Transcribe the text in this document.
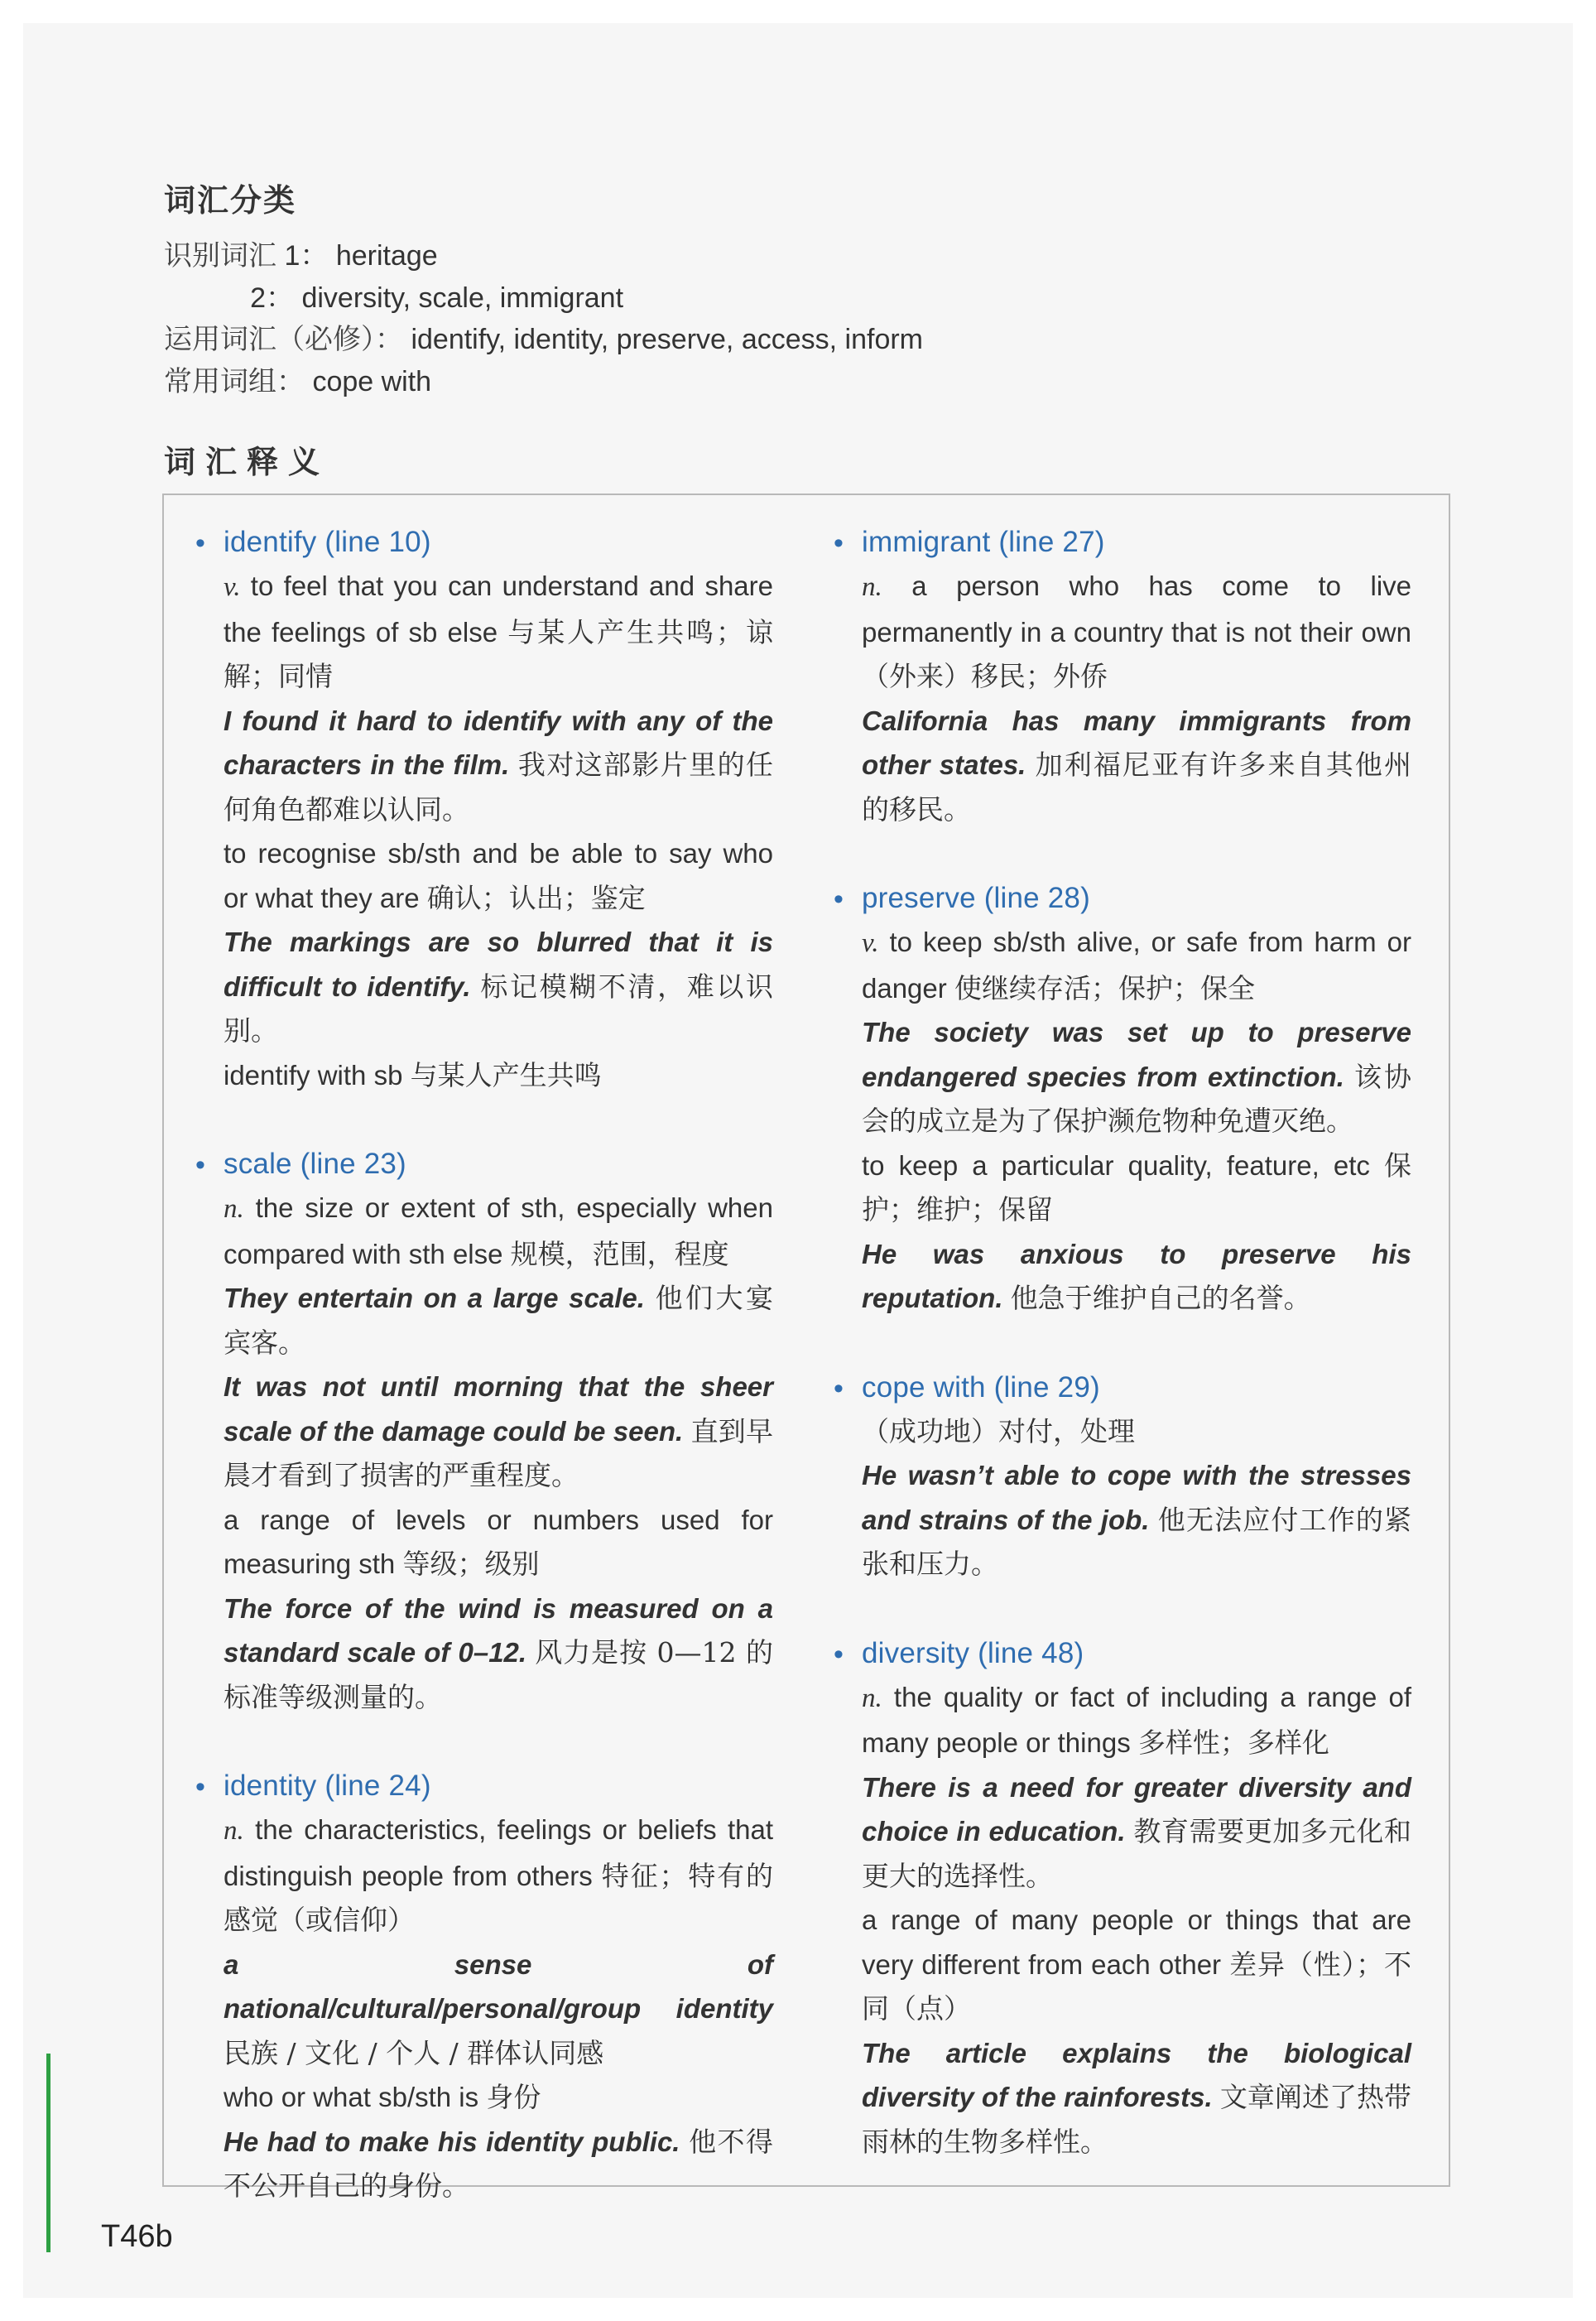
词汇分类
识别词汇 1： heritage
2： diversity, scale, immigrant
运用词汇（必修）： identify, identity, preserve, access, inform
常用词组： cope with
词汇释义
• identify (line 10)
v. to feel that you can understand and share the feelings of sb else 与某人产生共鸣；谅解；同情
I found it hard to identify with any of the characters in the film. 我对这部影片里的任何角色都难以认同。
to recognise sb/sth and be able to say who or what they are 确认；认出；鉴定
The markings are so blurred that it is difficult to identify. 标记模糊不清，难以识别。
identify with sb 与某人产生共鸣
• scale (line 23)
n. the size or extent of sth, especially when compared with sth else 规模，范围，程度
They entertain on a large scale. 他们大宴宾客。
It was not until morning that the sheer scale of the damage could be seen. 直到早晨才看到了损害的严重程度。
a range of levels or numbers used for measuring sth 等级；级别
The force of the wind is measured on a standard scale of 0–12. 风力是按 0—12 的标准等级测量的。
• identity (line 24)
n. the characteristics, feelings or beliefs that distinguish people from others 特征；特有的感觉（或信仰）
a sense of national/cultural/personal/group identity 民族 / 文化 / 个人 / 群体认同感
who or what sb/sth is 身份
He had to make his identity public. 他不得不公开自己的身份。
• immigrant (line 27)
n. a person who has come to live permanently in a country that is not their own （外来）移民；外侨
California has many immigrants from other states. 加利福尼亚有许多来自其他州的移民。
• preserve (line 28)
v. to keep sb/sth alive, or safe from harm or danger 使继续存活；保护；保全
The society was set up to preserve endangered species from extinction. 该协会的成立是为了保护濒危物种免遭灭绝。
to keep a particular quality, feature, etc 保护；维护；保留
He was anxious to preserve his reputation. 他急于维护自己的名誉。
• cope with (line 29)
（成功地）对付，处理
He wasn’t able to cope with the stresses and strains of the job. 他无法应付工作的紧张和压力。
• diversity (line 48)
n. the quality or fact of including a range of many people or things 多样性；多样化
There is a need for greater diversity and choice in education. 教育需要更加多元化和更大的选择性。
a range of many people or things that are very different from each other 差异（性）；不同（点）
The article explains the biological diversity of the rainforests. 文章阐述了热带雨林的生物多样性。
T46b
